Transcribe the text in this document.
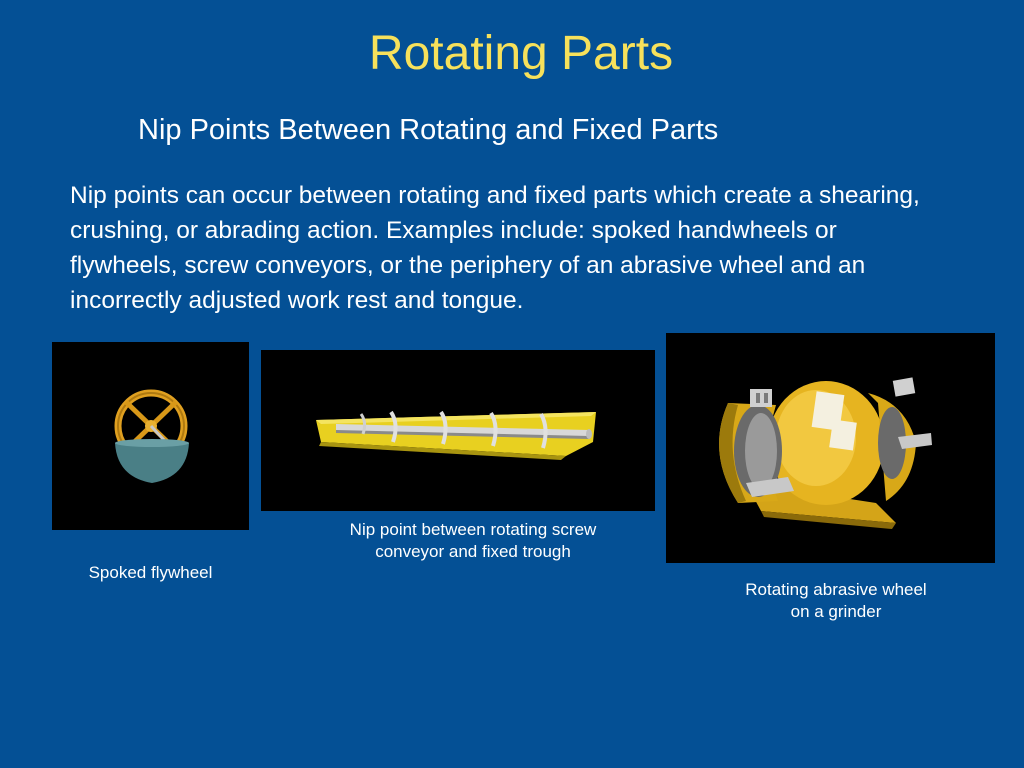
Rotating Parts
Nip Points Between Rotating and Fixed Parts
Nip points can occur between rotating and fixed parts which create a shearing, crushing, or abrading action. Examples include: spoked handwheels or flywheels, screw conveyors, or the periphery of an abrasive wheel and an incorrectly adjusted work rest and tongue.
Spoked flywheel
Nip point between rotating screw
conveyor and fixed trough
Rotating abrasive wheel
on a grinder
